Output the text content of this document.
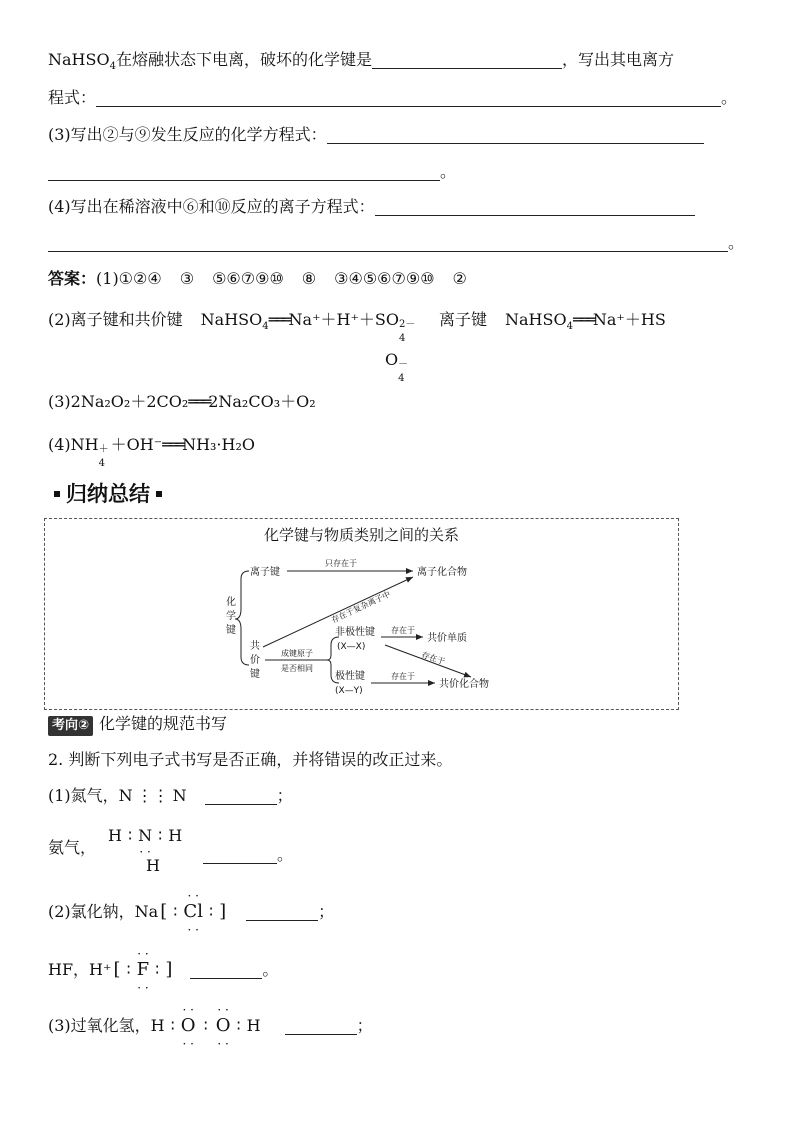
NaHSO$_4$在熔融状态下电离，破坏的化学键是	，写出其电离方
程式：	。
(3)写出②与⑨发生反应的化学方程式：
。
(4)写出在稀溶液中⑥和⑩反应的离子方程式：
。
答案：(1)①②④ ③ ⑤⑥⑦⑨⑩ ⑧ ③④⑤⑥⑦⑨⑩ ②
(2)离子键和共价键 NaHSO$_4$═══Na⁺＋H⁺＋SO 2－
4
离子键 NaHSO$_4$═══Na⁺＋HS
O －
4
(3)2Na₂O₂＋2CO₂═══2Na₂CO₃＋O₂
(4)NH ＋
4
＋OH⁻═══NH₃·H₂O
归纳总结
化学键与物质类别之间的关系
化
学
键
离子键
只存在于
离子化合物
存在于复杂离子中
共
价
键
成键原子
是否相同
非极性键
(X—X)
存在于
共价单质
存在于
极性键
(X—Y)
存在于
共价化合物
考向② 化学键的规范书写
2. 判断下列电子式书写是否正确，并将错误的改正过来。
(1)氮气，N ⋮⋮ N	；
氨气，
H ∶ N
· ·
∶ H
H
。
(2)氯化钠，Na [ ∶
· ·
Cl
· ·
∶ ]	；
HF，H⁺ [ ∶
· ·
F
· ·
∶ ]	。
(3)过氧化氢，H ∶
· ·
O
· ·
∶
· ·
O
· ·
∶ H	；
